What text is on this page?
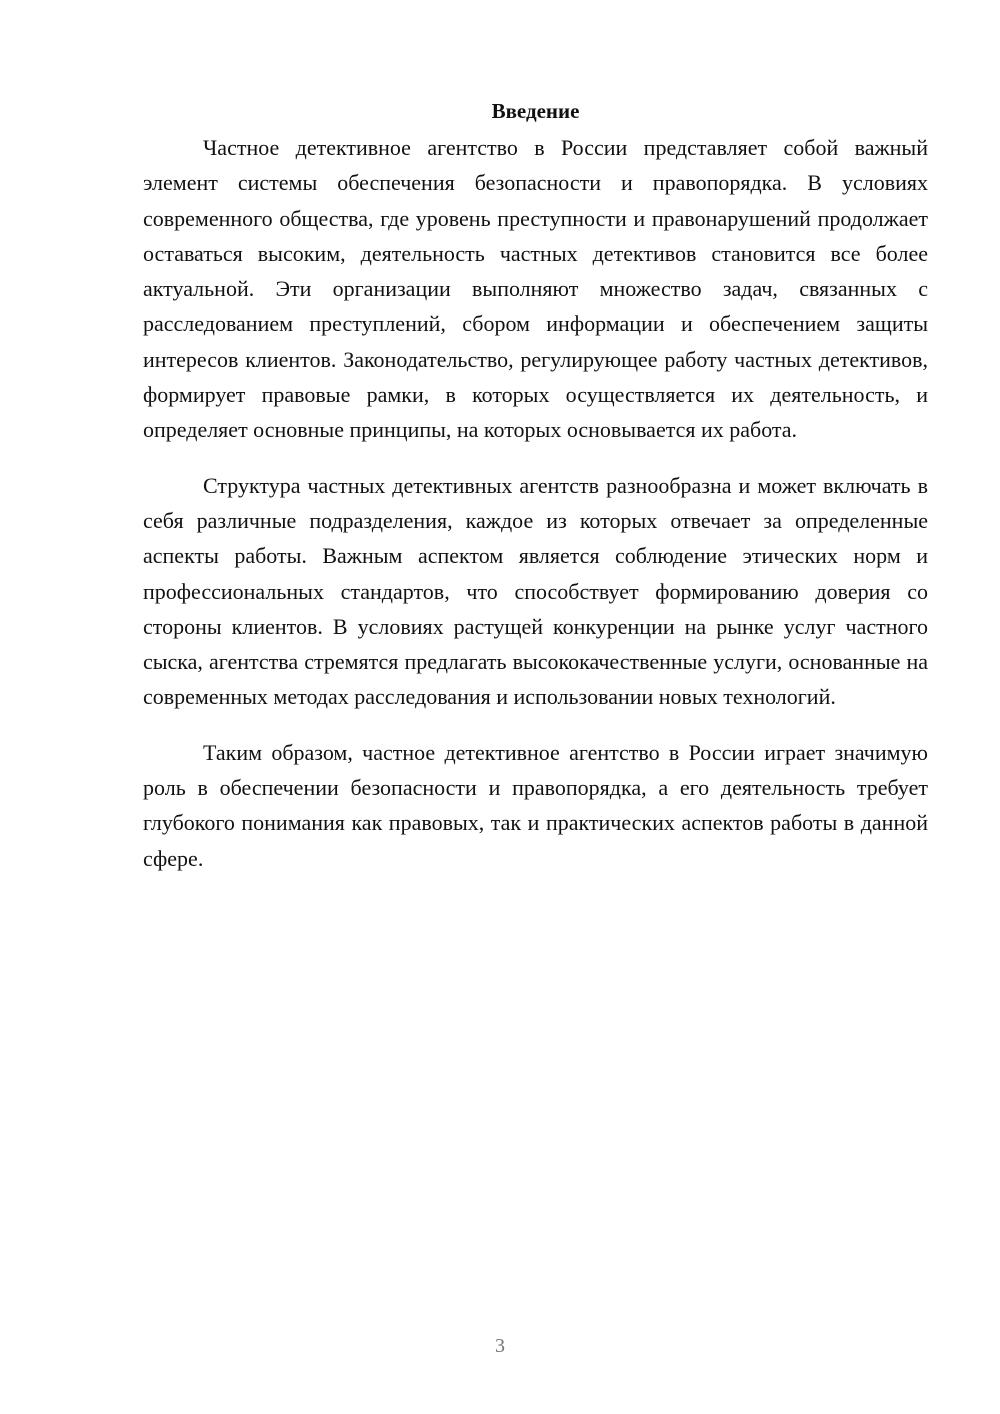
Введение

Частное детективное агентство в России представляет собой важный элемент системы обеспечения безопасности и правопорядка. В условиях современного общества, где уровень преступности и правонарушений продолжает оставаться высоким, деятельность частных детективов становится все более актуальной. Эти организации выполняют множество задач, связанных с расследованием преступлений, сбором информации и обеспечением защиты интересов клиентов. Законодательство, регулирующее работу частных детективов, формирует правовые рамки, в которых осуществляется их деятельность, и определяет основные принципы, на которых основывается их работа.

Структура частных детективных агентств разнообразна и может включать в себя различные подразделения, каждое из которых отвечает за определенные аспекты работы. Важным аспектом является соблюдение этических норм и профессиональных стандартов, что способствует формированию доверия со стороны клиентов. В условиях растущей конкуренции на рынке услуг частного сыска, агентства стремятся предлагать высококачественные услуги, основанные на современных методах расследования и использовании новых технологий.

Таким образом, частное детективное агентство в России играет значимую роль в обеспечении безопасности и правопорядка, а его деятельность требует глубокого понимания как правовых, так и практических аспектов работы в данной сфере.

3
